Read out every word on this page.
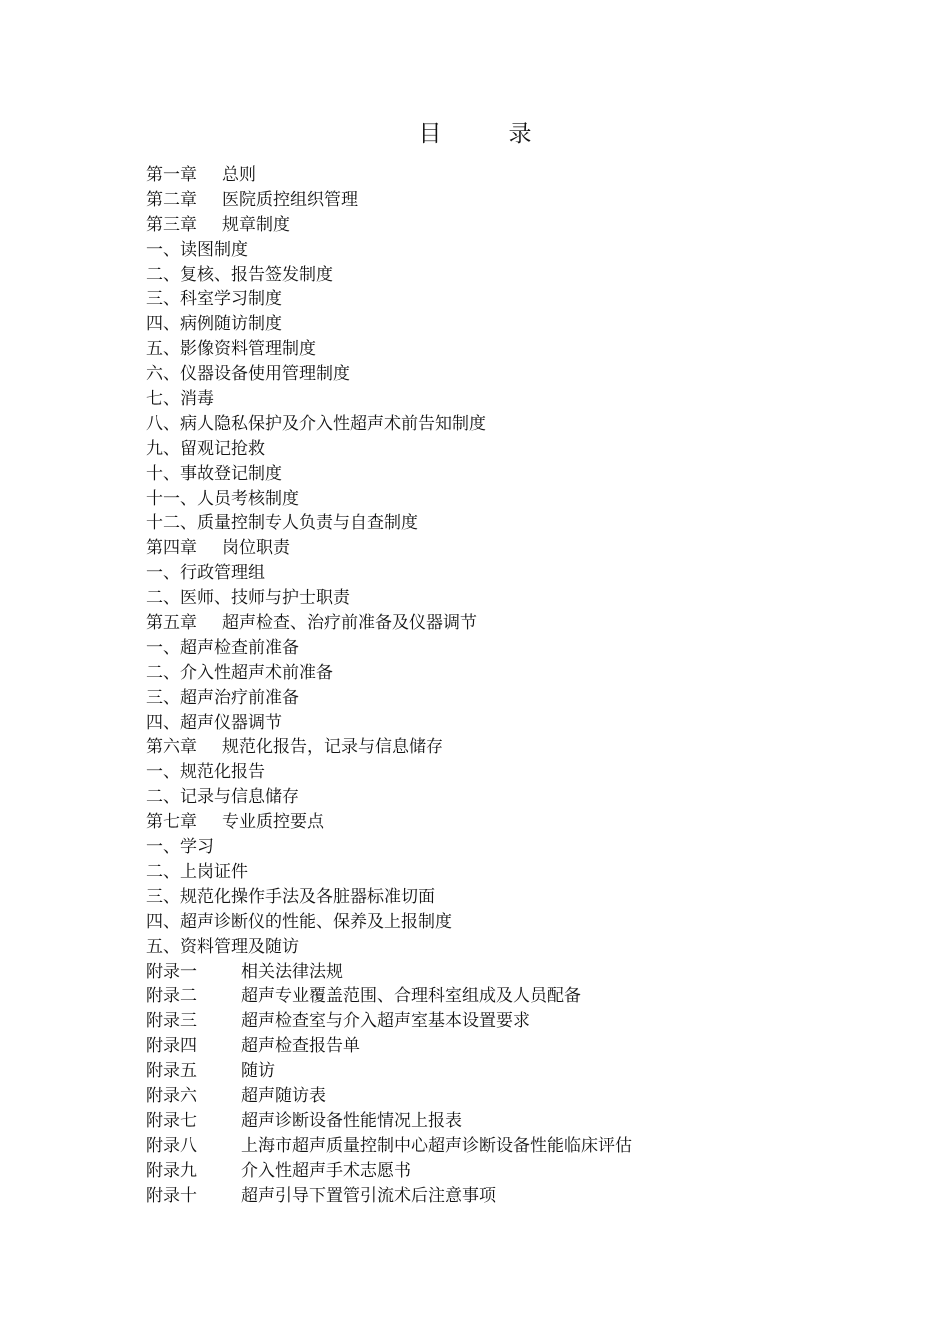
目　录
第一章	总则
第二章	医院质控组织管理
第三章	规章制度
一、读图制度
二、复核、报告签发制度
三、科室学习制度
四、病例随访制度
五、影像资料管理制度
六、仪器设备使用管理制度
七、消毒
八、病人隐私保护及介入性超声术前告知制度
九、留观记抢救
十、事故登记制度
十一、人员考核制度
十二、质量控制专人负责与自查制度
第四章	岗位职责
一、行政管理组
二、医师、技师与护士职责
第五章	超声检查、治疗前准备及仪器调节
一、超声检查前准备
二、介入性超声术前准备
三、超声治疗前准备
四、超声仪器调节
第六章	规范化报告，记录与信息储存
一、规范化报告
二、记录与信息储存
第七章	专业质控要点
一、学习
二、上岗证件
三、规范化操作手法及各脏器标准切面
四、超声诊断仪的性能、保养及上报制度
五、资料管理及随访
附录一	相关法律法规
附录二	超声专业覆盖范围、合理科室组成及人员配备
附录三	超声检查室与介入超声室基本设置要求
附录四	超声检查报告单
附录五	随访
附录六	超声随访表
附录七	超声诊断设备性能情况上报表
附录八	上海市超声质量控制中心超声诊断设备性能临床评估
附录九	介入性超声手术志愿书
附录十	超声引导下置管引流术后注意事项
